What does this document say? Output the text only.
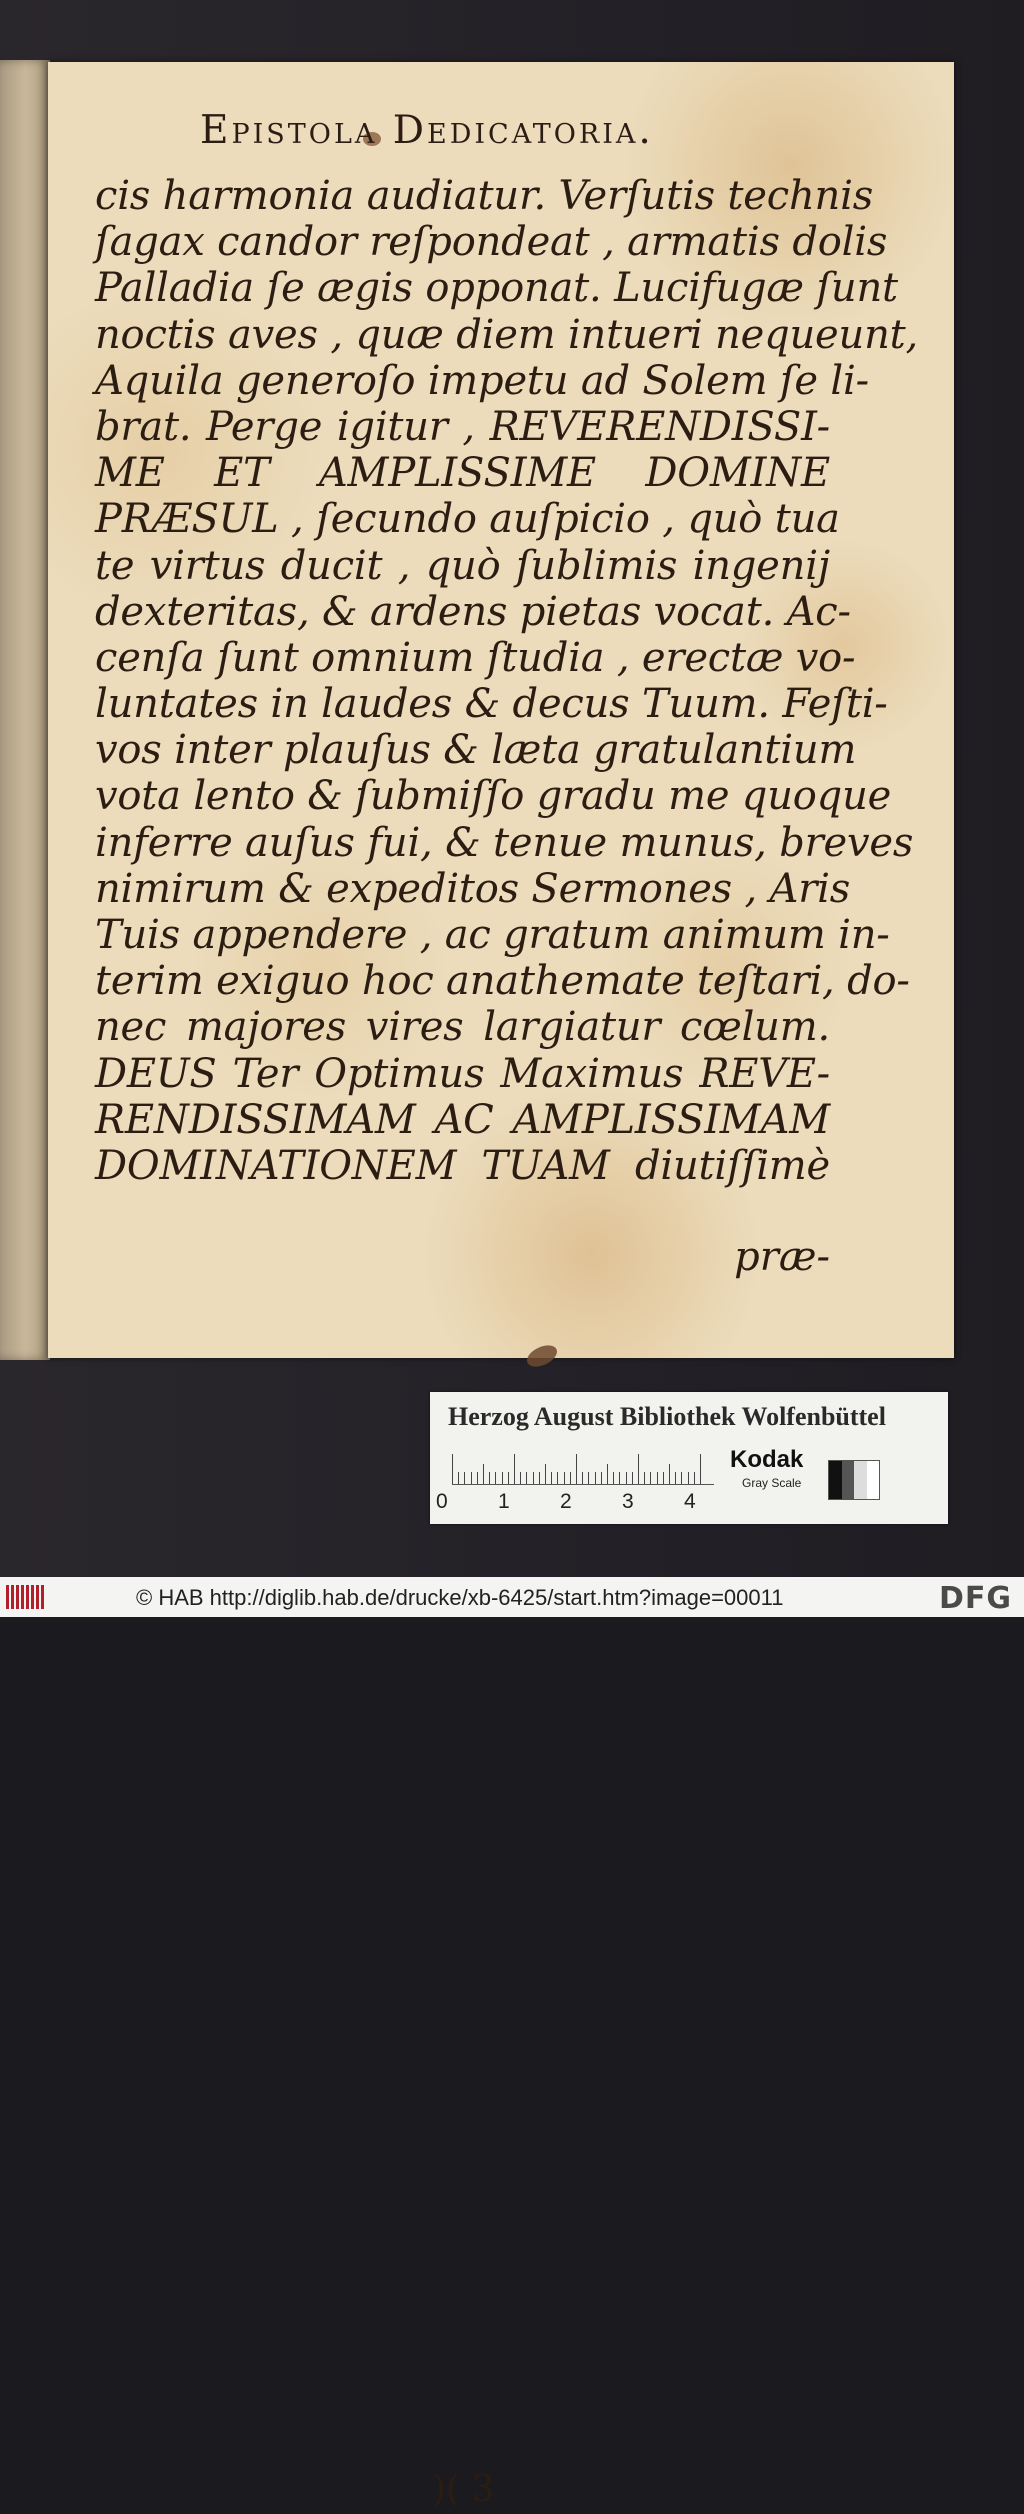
Epistola Dedicatoria.
cis harmonia audiatur. Verſutis technis
ſagax candor reſpondeat , armatis dolis
Palladia ſe ægis opponat. Lucifugæ ſunt
noctis aves , quæ diem intueri nequeunt,
Aquila generoſo impetu ad Solem ſe li-
brat. Perge igitur , REVERENDISSI-
ME ET AMPLISSIME DOMINE
PRÆSUL , ſecundo auſpicio , quò tua
te virtus ducit , quò ſublimis ingenij
dexteritas, & ardens pietas vocat. Ac-
cenſa ſunt omnium ſtudia , erectæ vo-
luntates in laudes & decus Tuum. Feſti-
vos inter plauſus & læta gratulantium
vota lento & ſubmiſſo gradu me quoque
inferre auſus fui, & tenue munus, breves
nimirum & expeditos Sermones , Aris
Tuis appendere , ac gratum animum in-
terim exiguo hoc anathemate teſtari, do-
nec majores vires largiatur cœlum.
DEUS Ter Optimus Maximus REVE-
RENDISSIMAM AC AMPLISSIMAM
DOMINATIONEM TUAM diutiſſimè
)( 3
præ-
Herzog August Bibliothek Wolfenbüttel
0 1 2 3 4
Kodak
Gray Scale
© HAB http://diglib.hab.de/drucke/xb-6425/start.htm?image=00011	DFG
